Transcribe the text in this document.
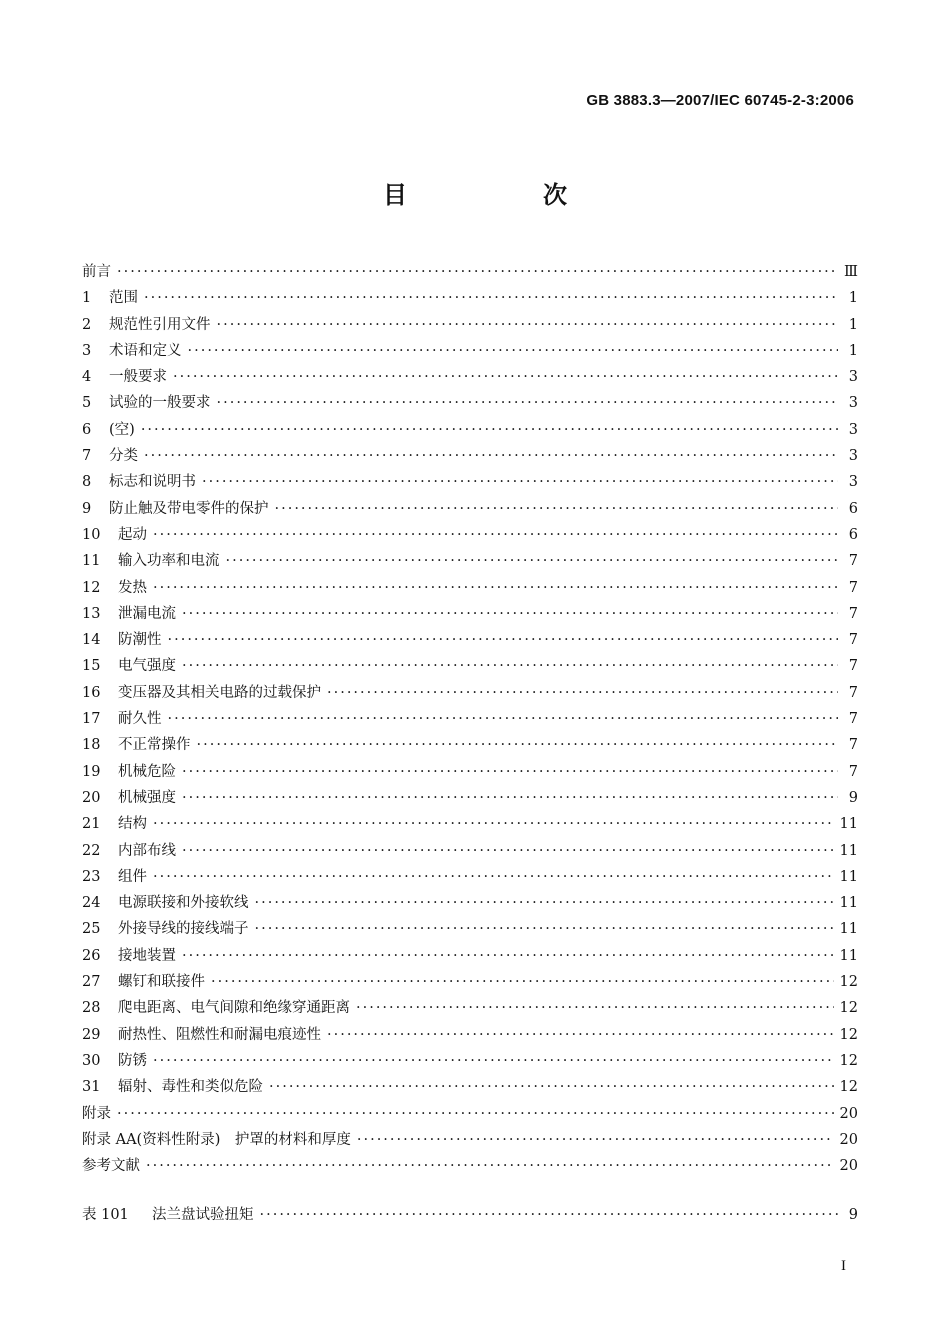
GB 3883.3—2007/IEC 60745-2-3:2006
目　次
前言 ·····	Ⅲ
1	范围 ·····	1
2	规范性引用文件 ·····	1
3	术语和定义 ·····	1
4	一般要求 ·····	3
5	试验的一般要求 ·····	3
6	(空) ·····	3
7	分类 ·····	3
8	标志和说明书 ·····	3
9	防止触及带电零件的保护 ·····	6
10	起动 ·····	6
11	输入功率和电流 ·····	7
12	发热 ·····	7
13	泄漏电流 ·····	7
14	防潮性 ·····	7
15	电气强度 ·····	7
16	变压器及其相关电路的过载保护 ·····	7
17	耐久性 ·····	7
18	不正常操作 ·····	7
19	机械危险 ·····	7
20	机械强度 ·····	9
21	结构 ·····	11
22	内部布线 ·····	11
23	组件 ·····	11
24	电源联接和外接软线 ·····	11
25	外接导线的接线端子 ·····	11
26	接地装置 ·····	11
27	螺钉和联接件 ·····	12
28	爬电距离、电气间隙和绝缘穿通距离 ·····	12
29	耐热性、阻燃性和耐漏电痕迹性 ·····	12
30	防锈 ·····	12
31	辐射、毒性和类似危险 ·····	12
附录 ·····	20
附录 AA(资料性附录)　护罩的材料和厚度 ·····	20
参考文献 ·····	20
表 101	法兰盘试验扭矩 ·····	9
I
